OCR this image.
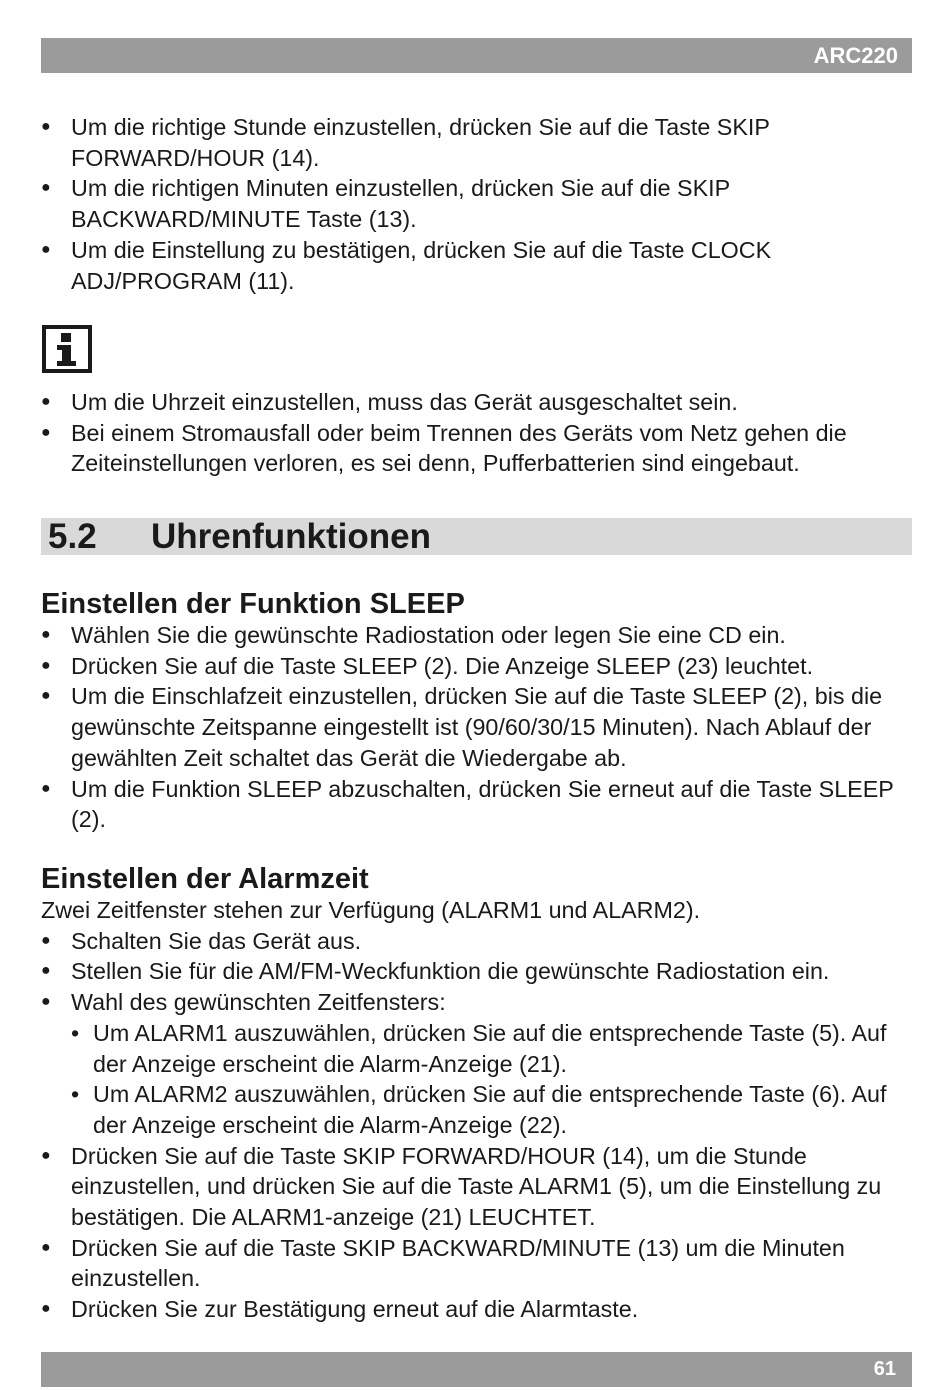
ARC220
● Um die richtige Stunde einzustellen, drücken Sie auf die Taste SKIP FORWARD/HOUR (14).
● Um die richtigen Minuten einzustellen, drücken Sie auf die SKIP BACKWARD/MINUTE Taste (13).
● Um die Einstellung zu bestätigen, drücken Sie auf die Taste CLOCK ADJ/PROGRAM (11).
● Um die Uhrzeit einzustellen, muss das Gerät ausgeschaltet sein.
● Bei einem Stromausfall oder beim Trennen des Geräts vom Netz gehen die Zeiteinstellungen verloren, es sei denn, Pufferbatterien sind eingebaut.
5.2 Uhrenfunktionen
Einstellen der Funktion SLEEP
● Wählen Sie die gewünschte Radiostation oder legen Sie eine CD ein.
● Drücken Sie auf die Taste SLEEP (2). Die Anzeige SLEEP (23) leuchtet.
● Um die Einschlafzeit einzustellen, drücken Sie auf die Taste SLEEP (2), bis die gewünschte Zeitspanne eingestellt ist (90/60/30/15 Minuten). Nach Ablauf der gewählten Zeit schaltet das Gerät die Wiedergabe ab.
● Um die Funktion SLEEP abzuschalten, drücken Sie erneut auf die Taste SLEEP (2).
Einstellen der Alarmzeit

Zwei Zeitfenster stehen zur Verfügung (ALARM1 und ALARM2).

● Schalten Sie das Gerät aus.
● Stellen Sie für die AM/FM-Weckfunktion die gewünschte Radiostation ein.
● Wahl des gewünschten Zeitfensters:
• Um ALARM1 auszuwählen, drücken Sie auf die entsprechende Taste (5). Auf der Anzeige erscheint die Alarm-Anzeige (21).
• Um ALARM2 auszuwählen, drücken Sie auf die entsprechende Taste (6). Auf der Anzeige erscheint die Alarm-Anzeige (22).
● Drücken Sie auf die Taste SKIP FORWARD/HOUR (14), um die Stunde einzustellen, und drücken Sie auf die Taste ALARM1 (5), um die Einstellung zu bestätigen. Die ALARM1-anzeige (21) LEUCHTET.
● Drücken Sie auf die Taste SKIP BACKWARD/MINUTE (13) um die Minuten einzustellen.
● Drücken Sie zur Bestätigung erneut auf die Alarmtaste.
61
